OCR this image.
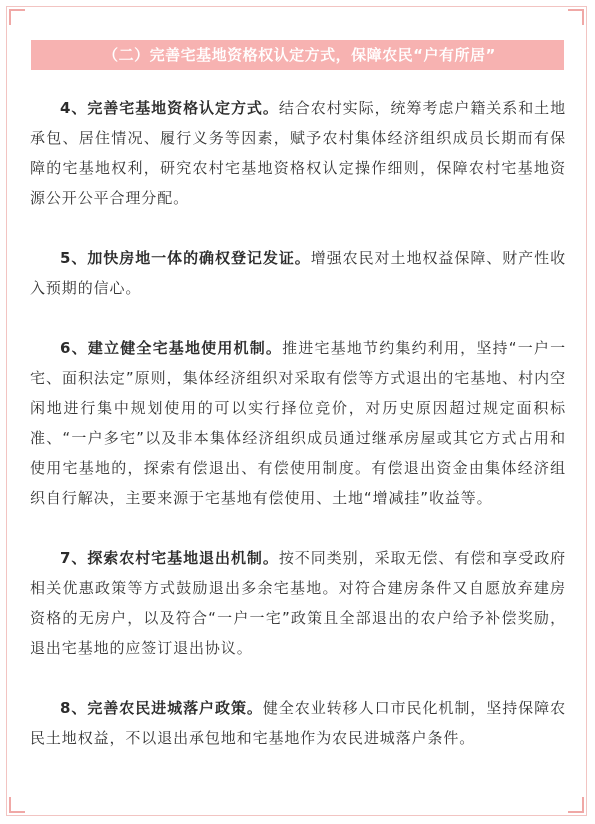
（二）完善宅基地资格权认定方式，保障农民“户有所居”

4、完善宅基地资格认定方式。结合农村实际，统筹考虑户籍关系和土地承包、居住情况、履行义务等因素，赋予农村集体经济组织成员长期而有保障的宅基地权利，研究农村宅基地资格权认定操作细则，保障农村宅基地资源公开公平合理分配。

5、加快房地一体的确权登记发证。增强农民对土地权益保障、财产性收入预期的信心。

6、建立健全宅基地使用机制。推进宅基地节约集约利用，坚持“一户一宅、面积法定”原则，集体经济组织对采取有偿等方式退出的宅基地、村内空闲地进行集中规划使用的可以实行择位竞价，对历史原因超过规定面积标准、“一户多宅”以及非本集体经济组织成员通过继承房屋或其它方式占用和使用宅基地的，探索有偿退出、有偿使用制度。有偿退出资金由集体经济组织自行解决，主要来源于宅基地有偿使用、土地“增减挂”收益等。

7、探索农村宅基地退出机制。按不同类别，采取无偿、有偿和享受政府相关优惠政策等方式鼓励退出多余宅基地。对符合建房条件又自愿放弃建房资格的无房户，以及符合“一户一宅”政策且全部退出的农户给予补偿奖励，退出宅基地的应签订退出协议。

8、完善农民进城落户政策。健全农业转移人口市民化机制，坚持保障农民土地权益，不以退出承包地和宅基地作为农民进城落户条件。
